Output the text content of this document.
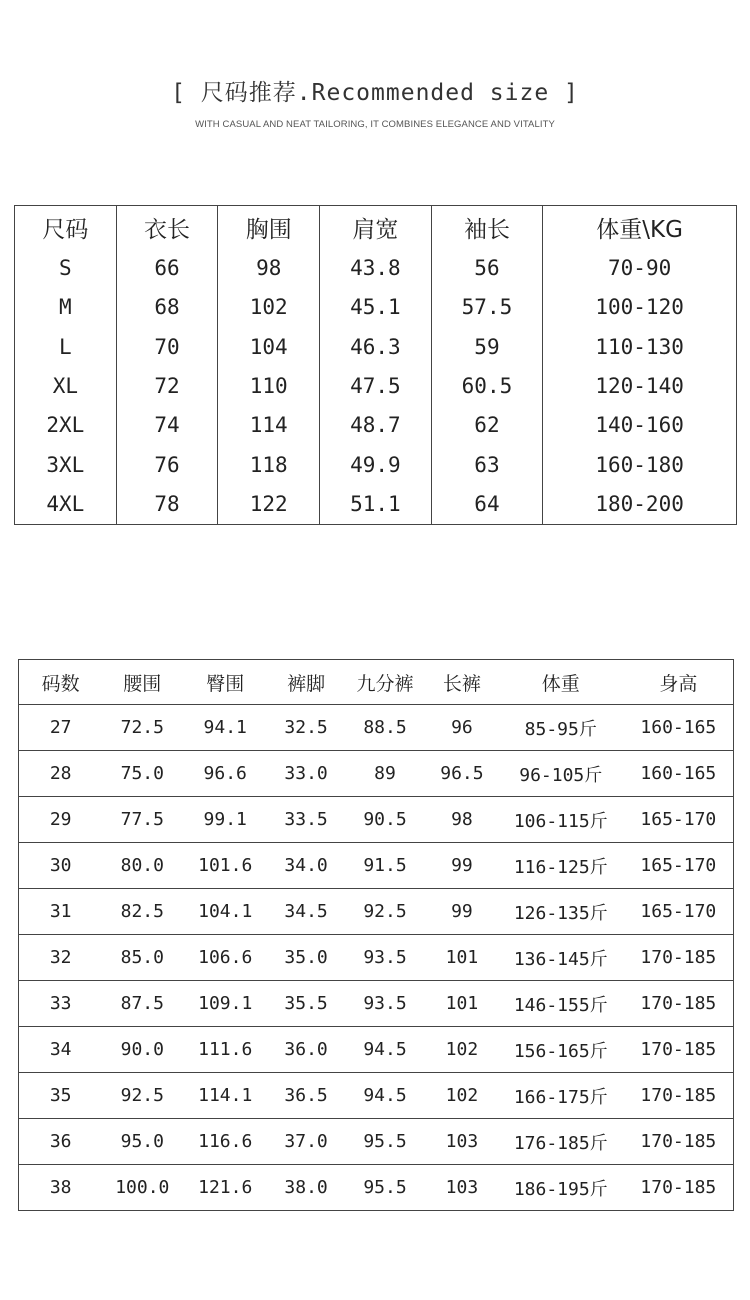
[ 尺码推荐.Recommended size ]
WITH CASUAL AND NEAT TAILORING, IT COMBINES ELEGANCE AND VITALITY
尺码	衣长	胸围	肩宽	袖长	体重\KG
S	66	98	43.8	56	70-90
M	68	102	45.1	57.5	100-120
L	70	104	46.3	59	110-130
XL	72	110	47.5	60.5	120-140
2XL	74	114	48.7	62	140-160
3XL	76	118	49.9	63	160-180
4XL	78	122	51.1	64	180-200
码数	腰围	臀围	裤脚	九分裤	长裤	体重	身高
27	72.5	94.1	32.5	88.5	96	85-95斤	160-165
28	75.0	96.6	33.0	89	96.5	96-105斤	160-165
29	77.5	99.1	33.5	90.5	98	106-115斤	165-170
30	80.0	101.6	34.0	91.5	99	116-125斤	165-170
31	82.5	104.1	34.5	92.5	99	126-135斤	165-170
32	85.0	106.6	35.0	93.5	101	136-145斤	170-185
33	87.5	109.1	35.5	93.5	101	146-155斤	170-185
34	90.0	111.6	36.0	94.5	102	156-165斤	170-185
35	92.5	114.1	36.5	94.5	102	166-175斤	170-185
36	95.0	116.6	37.0	95.5	103	176-185斤	170-185
38	100.0	121.6	38.0	95.5	103	186-195斤	170-185
